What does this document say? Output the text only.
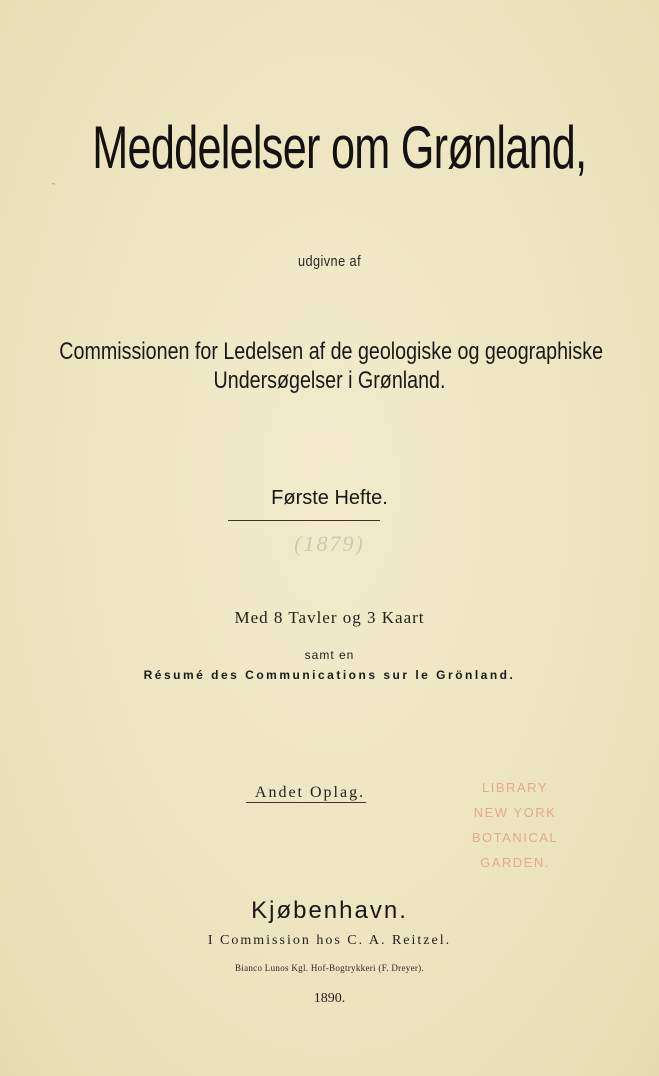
Meddelelser om Grønland,
‶
udgivne af
Commissionen for Ledelsen af de geologiske og geographiske
Undersøgelser i Grønland.
Første Hefte.
(1879)
Med 8 Tavler og 3 Kaart
samt en
Résumé des Communications sur le Grönland.
Andet Oplag.	LIBRARY
NEW YORK
BOTANICAL
GARDEN.
Kjøbenhavn.
I Commission hos C. A. Reitzel.
Bianco Lunos Kgl. Hof-Bogtrykkeri (F. Dreyer).
1890.
